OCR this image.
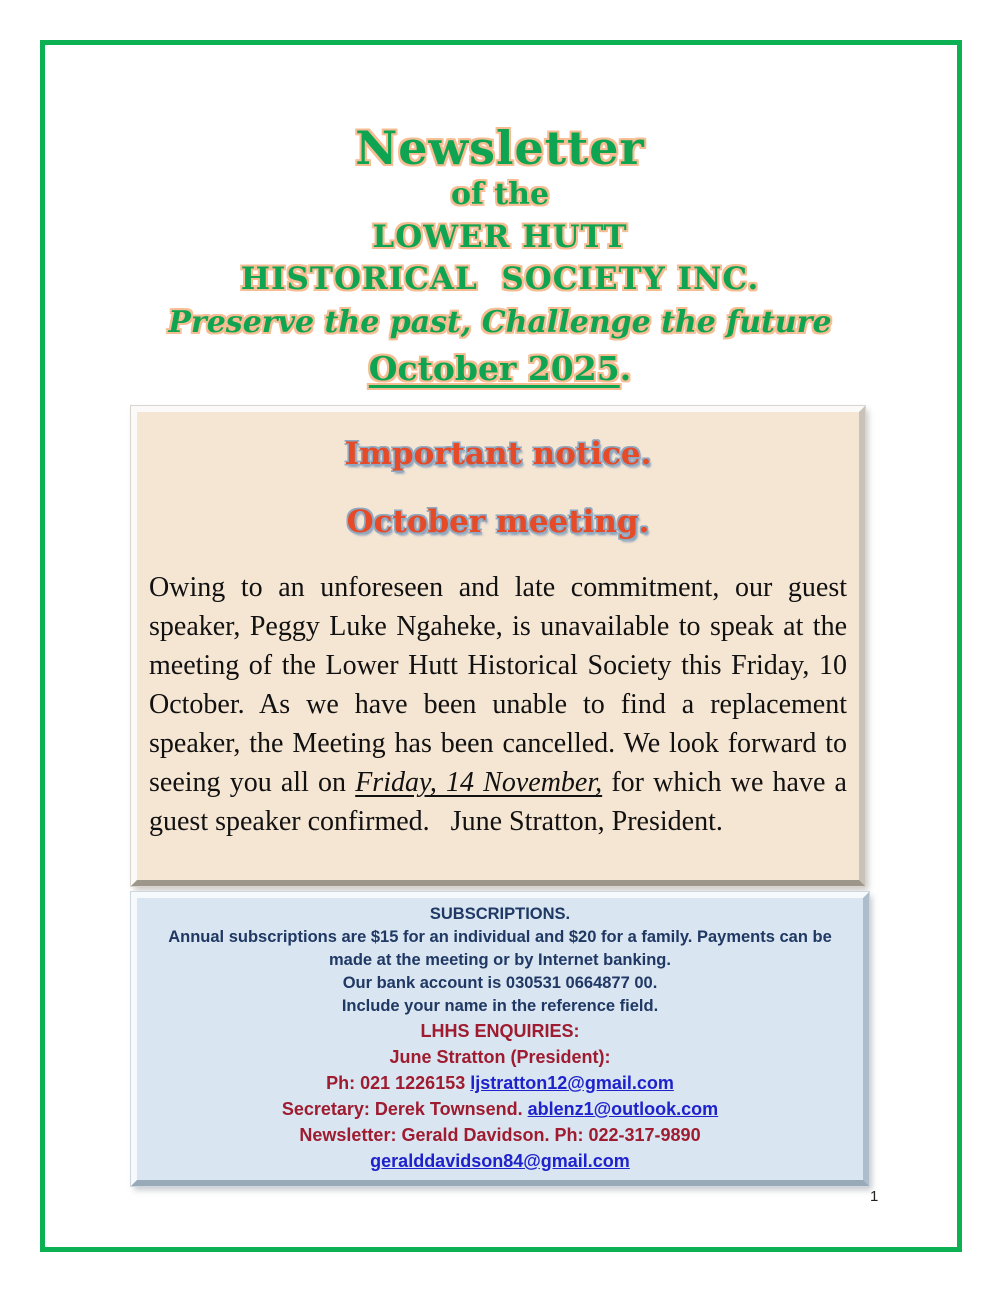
Newsletter
of the
LOWER HUTT
HISTORICAL  SOCIETY INC.
Preserve the past, Challenge the future
October 2025.
Important notice.
October meeting.

Owing to an unforeseen and late commitment, our guest speaker, Peggy Luke Ngaheke, is unavailable to speak at the meeting of the Lower Hutt Historical Society this Friday, 10 October. As we have been unable to find a replacement speaker, the Meeting has been cancelled. We look forward to seeing you all on Friday, 14 November, for which we have a guest speaker confirmed.   June Stratton, President.

SUBSCRIPTIONS.
Annual subscriptions are $15 for an individual and $20 for a family. Payments can be made at the meeting or by Internet banking.
Our bank account is 030531 0664877 00.
Include your name in the reference field.
LHHS ENQUIRIES:
June Stratton (President):
Ph: 021 1226153 ljstratton12@gmail.com
Secretary: Derek Townsend. ablenz1@outlook.com
Newsletter: Gerald Davidson. Ph: 022-317-9890
geralddavidson84@gmail.com
1
